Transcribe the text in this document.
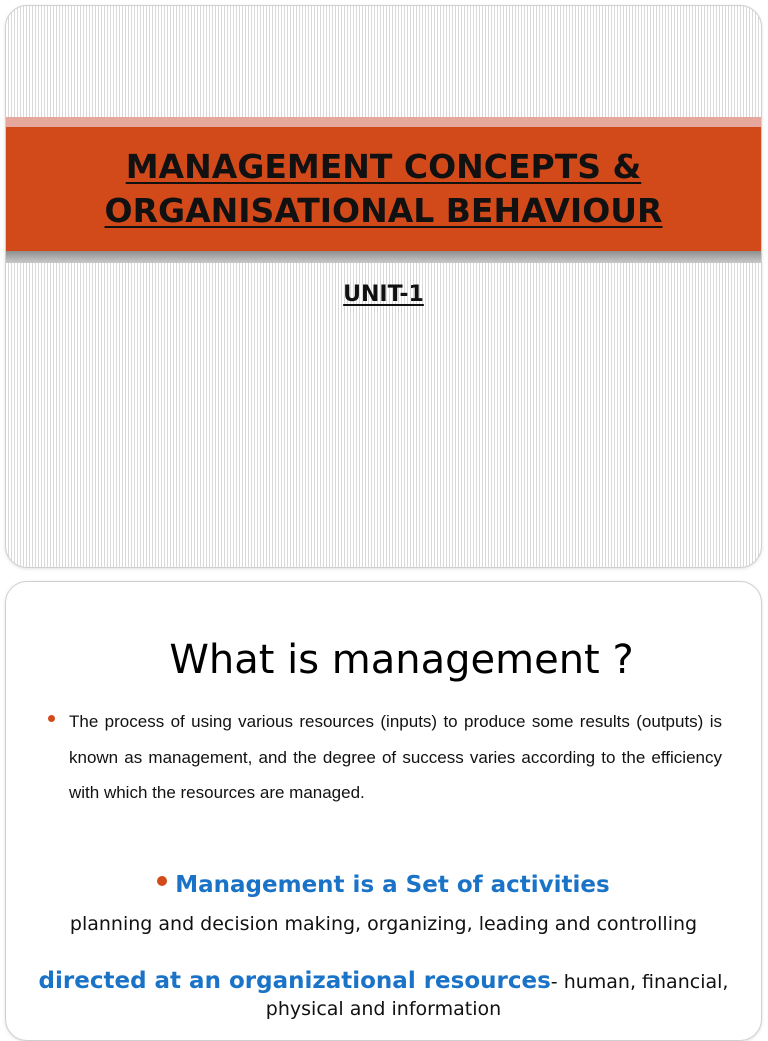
MANAGEMENT CONCEPTS &
ORGANISATIONAL BEHAVIOUR
UNIT-1
What is management ?

The process of using various resources (inputs) to produce some results (outputs) is known as management, and the degree of success varies according to the efficiency with which the resources are managed.

Management is a Set of activities

planning and decision making, organizing, leading and controlling

directed at an organizational resources- human, financial, physical and information
